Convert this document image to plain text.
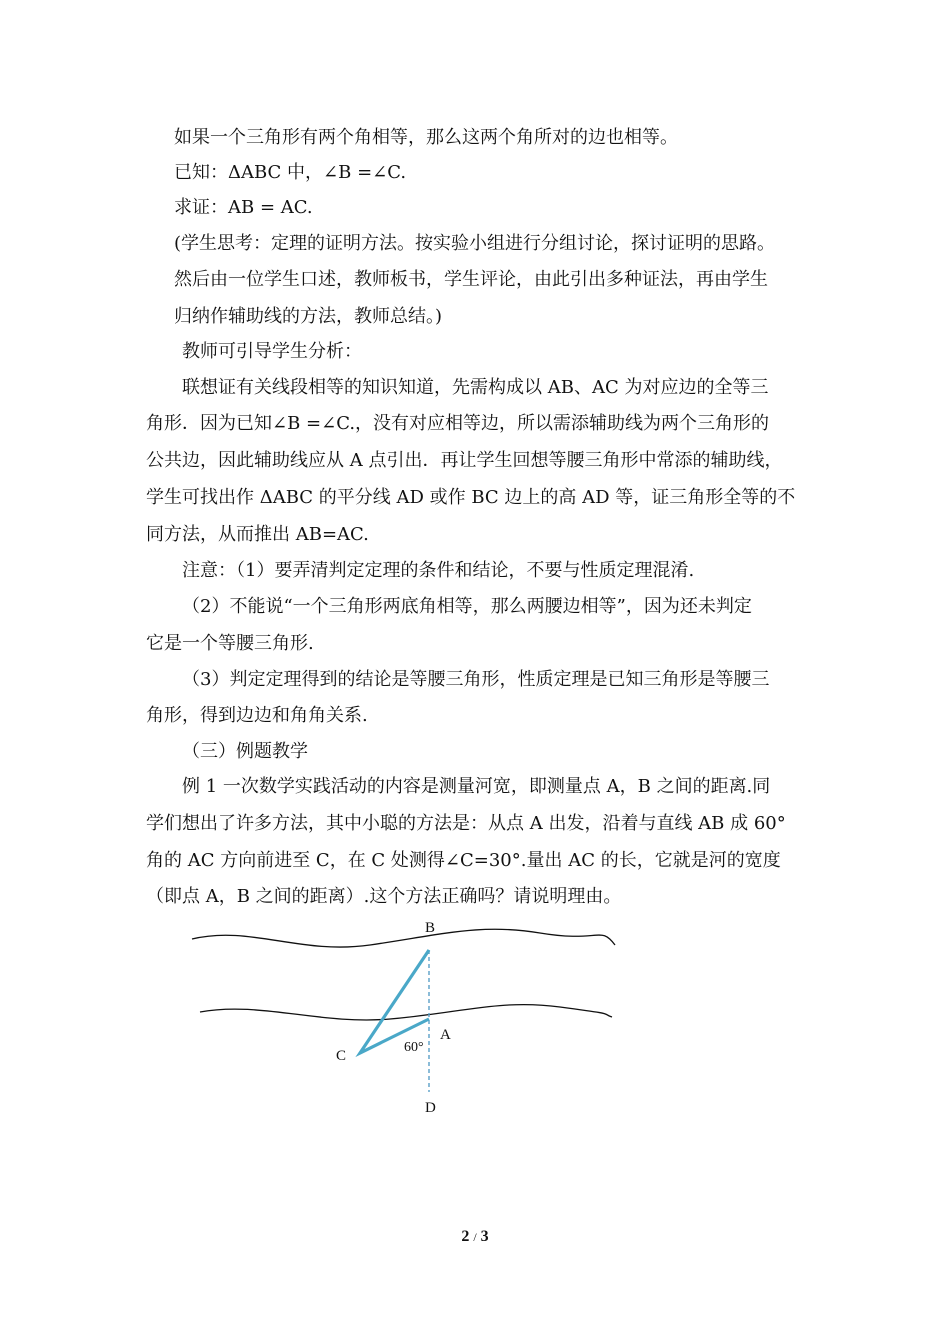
如果一个三角形有两个角相等，那么这两个角所对的边也相等。
已知：ΔABC 中，∠B =∠C.
求证：AB = AC.
(学生思考：定理的证明方法。按实验小组进行分组讨论，探讨证明的思路。
然后由一位学生口述，教师板书，学生评论，由此引出多种证法，再由学生
归纳作辅助线的方法，教师总结。)
教师可引导学生分析：
联想证有关线段相等的知识知道，先需构成以 AB、AC 为对应边的全等三
角形．因为已知∠B =∠C.，没有对应相等边，所以需添辅助线为两个三角形的
公共边，因此辅助线应从 A 点引出．再让学生回想等腰三角形中常添的辅助线，
学生可找出作 ΔABC 的平分线 AD 或作 BC 边上的高 AD 等，证三角形全等的不
同方法，从而推出 AB=AC.
注意：（1）要弄清判定定理的条件和结论，不要与性质定理混淆.
（2）不能说“一个三角形两底角相等，那么两腰边相等”，因为还未判定
它是一个等腰三角形.
（3）判定定理得到的结论是等腰三角形，性质定理是已知三角形是等腰三
角形，得到边边和角角关系.
（三）例题教学
例 1 一次数学实践活动的内容是测量河宽，即测量点 A，B 之间的距离.同
学们想出了许多方法，其中小聪的方法是：从点 A 出发，沿着与直线 AB 成 60°
角的 AC 方向前进至 C，在 C 处测得∠C=30°.量出 AC 的长，它就是河的宽度
（即点 A，B 之间的距离）.这个方法正确吗？请说明理由。
B
A
C
D
60°
2 / 3
